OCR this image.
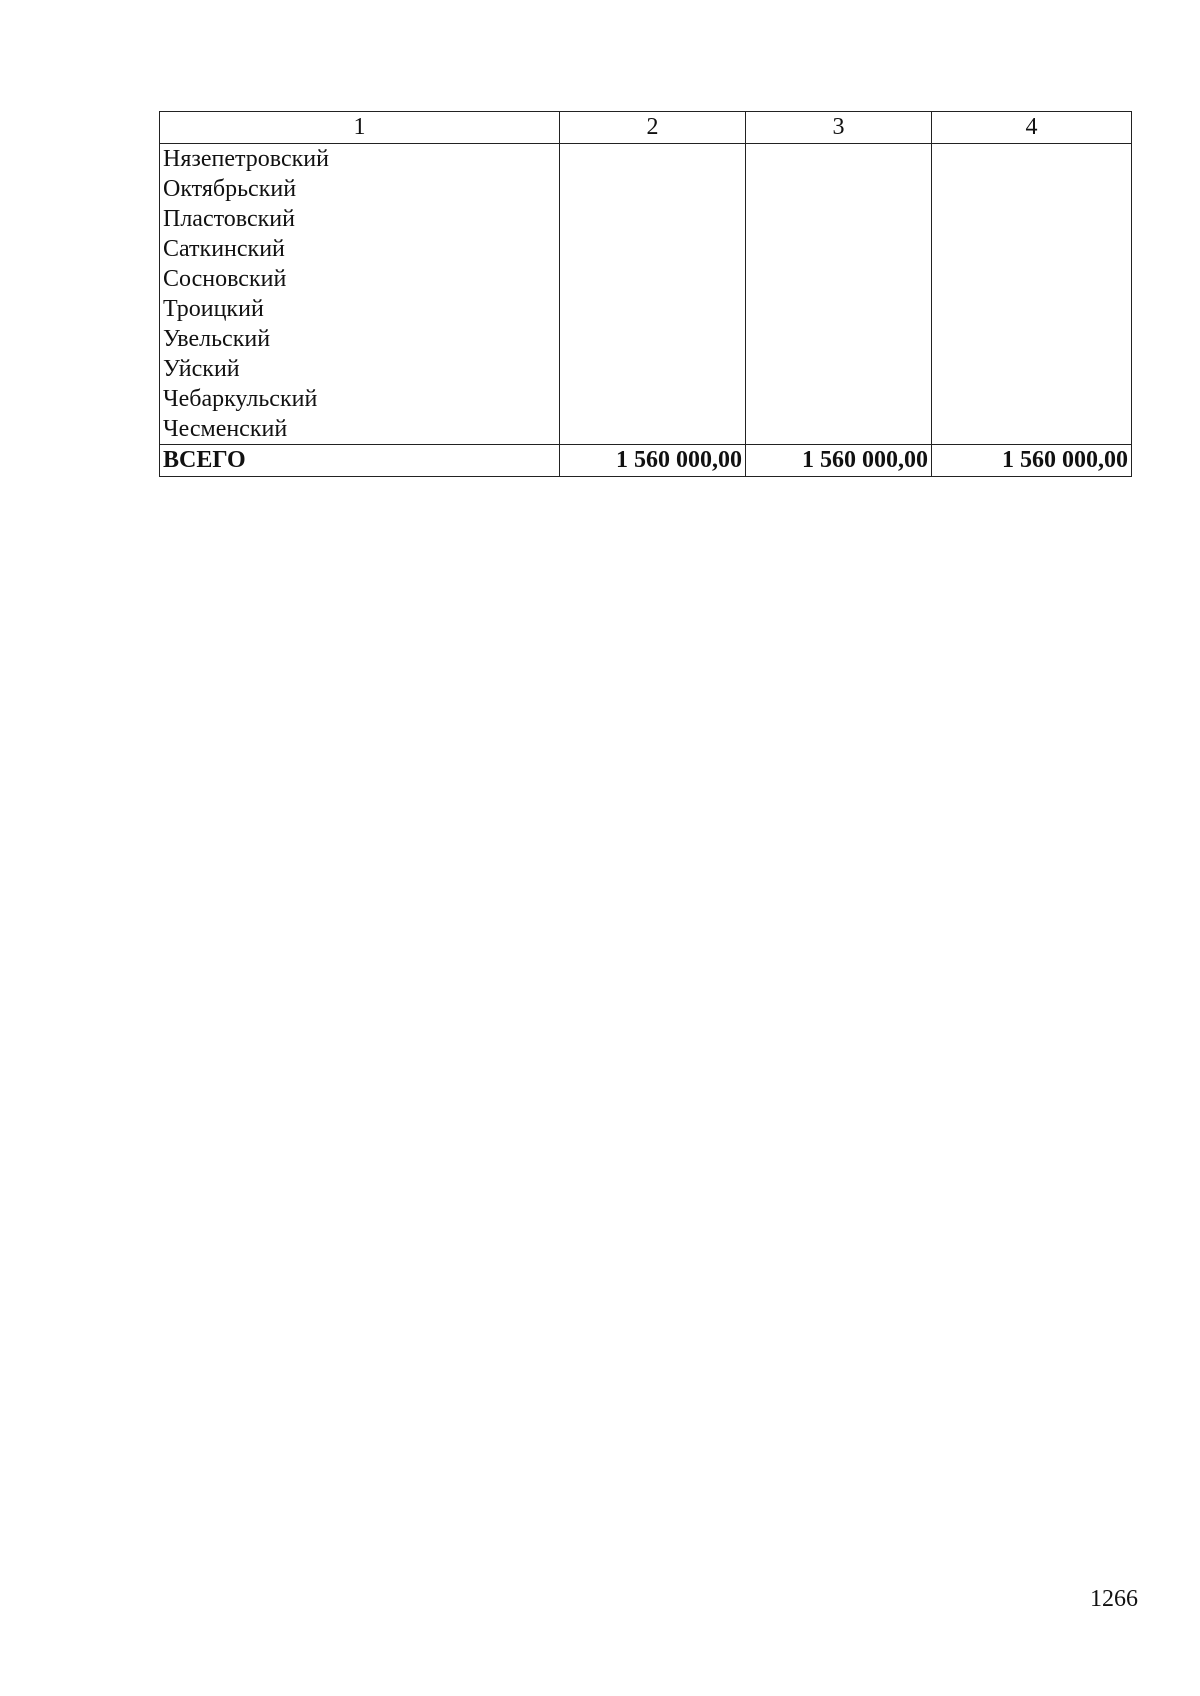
1	2	3	4
Нязепетровский			
Октябрьский			
Пластовский			
Саткинский			
Сосновский			
Троицкий			
Увельский			
Уйский			
Чебаркульский			
Чесменский			
ВСЕГО	1 560 000,00	1 560 000,00	1 560 000,00
1266
